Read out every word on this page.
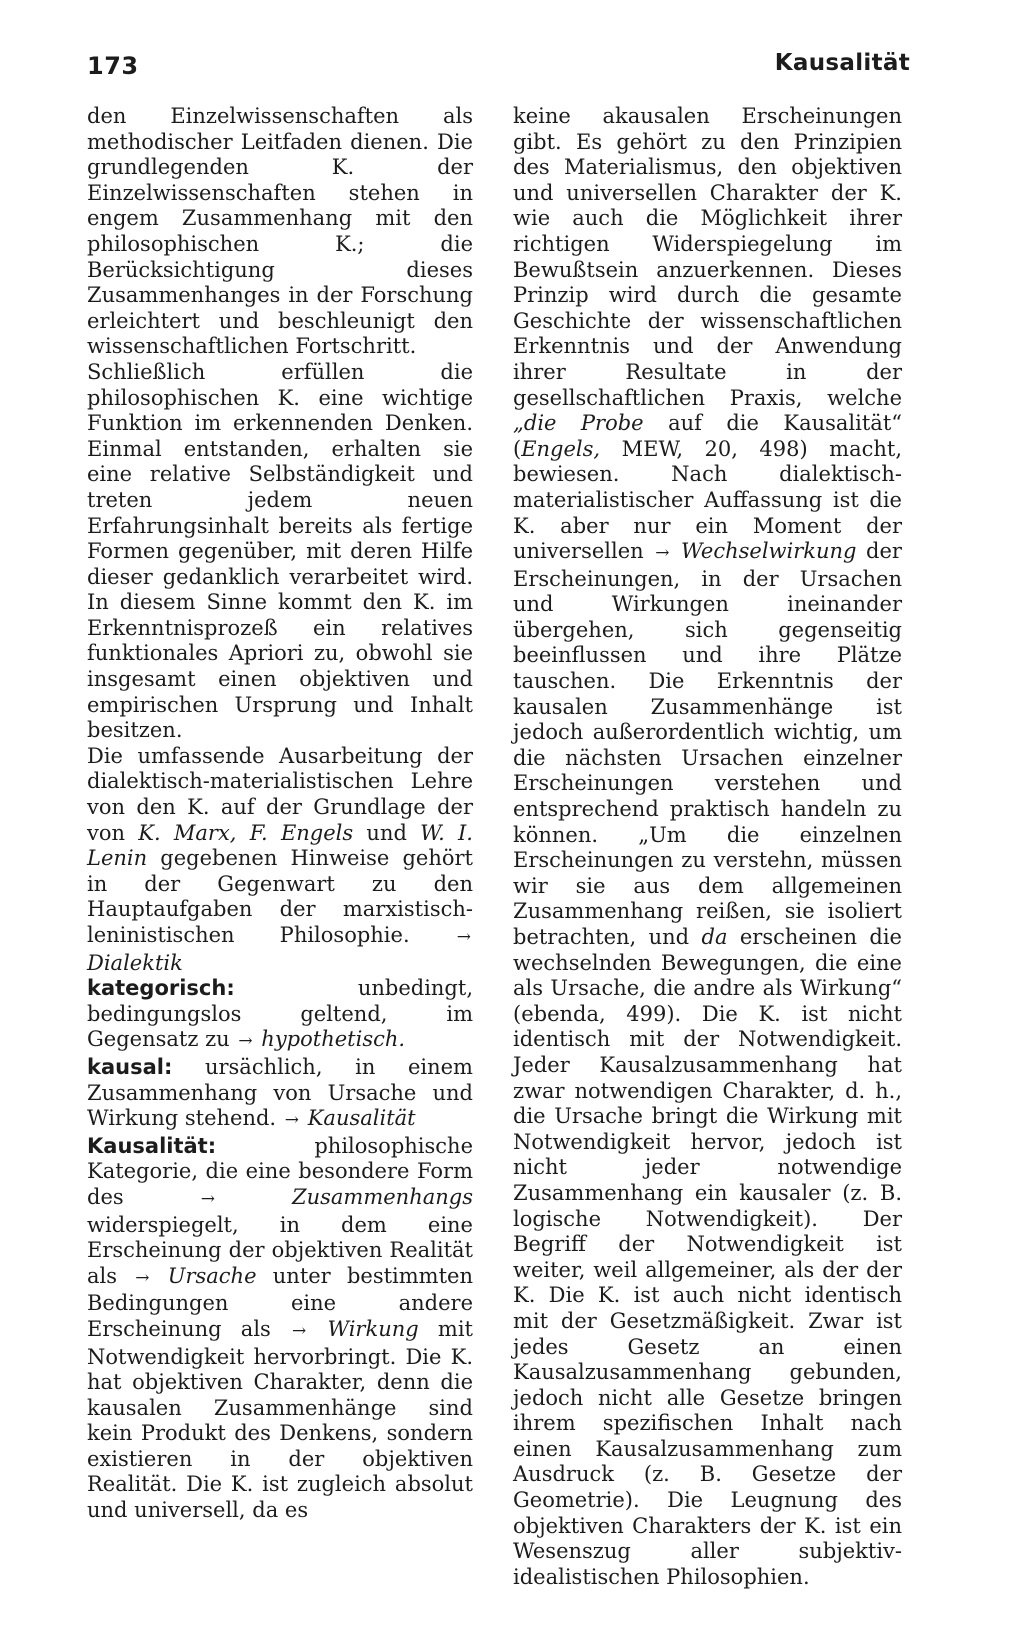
173	Kausalität

den Einzelwissenschaften als methodischer Leitfaden dienen. Die grundlegenden K. der Einzelwissenschaften stehen in engem Zusammenhang mit den philosophischen K.; die Berücksichtigung dieses Zusammenhanges in der Forschung erleichtert und beschleunigt den wissenschaftlichen Fortschritt.

Schließlich erfüllen die philosophischen K. eine wichtige Funktion im erkennenden Denken. Einmal entstanden, erhalten sie eine relative Selbständigkeit und treten jedem neuen Erfahrungsinhalt bereits als fertige Formen gegenüber, mit deren Hilfe dieser gedanklich verarbeitet wird. In diesem Sinne kommt den K. im Erkenntnisprozeß ein relatives funktionales Apriori zu, obwohl sie insgesamt einen objektiven und empirischen Ursprung und Inhalt besitzen.

Die umfassende Ausarbeitung der dialektisch-materialistischen Lehre von den K. auf der Grundlage der von K. Marx, F. Engels und W. I. Lenin gegebenen Hinweise gehört in der Gegenwart zu den Hauptaufgaben der marxistisch-leninistischen Philosophie.	→ Dialektik

kategorisch:	unbedingt, bedingungslos geltend, im Gegensatz zu → hypothetisch.

kausal: ursächlich, in einem Zusammenhang von Ursache und Wirkung stehend. → Kausalität

Kausalität:	philosophische Kategorie, die eine besondere Form des	→	Zusammenhangs widerspiegelt, in dem eine Erscheinung der objektiven Realität als → Ursache unter bestimmten Bedingungen eine andere Erscheinung als → Wirkung mit Notwendigkeit hervorbringt. Die K. hat objektiven Charakter, denn die kausalen Zusammenhänge sind kein Produkt des Denkens, sondern existieren in der objektiven Realität. Die K. ist zugleich absolut und universell, da es

keine akausalen Erscheinungen gibt. Es gehört zu den Prinzipien des Materialismus, den objektiven und universellen Charakter der K. wie auch die Möglichkeit ihrer richtigen Widerspiegelung im Bewußtsein anzuerkennen. Dieses Prinzip wird durch die gesamte Geschichte der wissenschaftlichen Erkenntnis und der Anwendung ihrer Resultate in der gesellschaftlichen Praxis, welche „die Probe auf die Kausalität“ (Engels, MEW, 20, 498) macht, bewiesen. Nach dialektisch-materialistischer Auffassung ist die K. aber nur ein Moment der universellen → Wechselwirkung der Erscheinungen, in der Ursachen und Wirkungen ineinander übergehen, sich gegenseitig beeinflussen und ihre Plätze tauschen. Die Erkenntnis der kausalen Zusammenhänge ist jedoch außerordentlich wichtig, um die nächsten Ursachen einzelner Erscheinungen verstehen und entsprechend praktisch handeln zu können. „Um die einzelnen Erscheinungen zu verstehn, müssen wir sie aus dem allgemeinen Zusammenhang reißen, sie isoliert betrachten, und da erscheinen die wechselnden Bewegungen, die eine als Ursache, die andre als Wirkung“ (ebenda, 499). Die K. ist nicht identisch mit der Notwendigkeit. Jeder Kausalzusammenhang hat zwar notwendigen Charakter, d. h., die Ursache bringt die Wirkung mit Notwendigkeit hervor, jedoch ist nicht jeder notwendige Zusammenhang ein kausaler (z. B. logische Notwendigkeit). Der Begriff der Notwendigkeit ist weiter, weil allgemeiner, als der der K. Die K. ist auch nicht identisch mit der Gesetzmäßigkeit. Zwar ist jedes Gesetz an einen Kausalzusammenhang gebunden, jedoch nicht alle Gesetze bringen ihrem spezifischen Inhalt nach einen Kausalzusammenhang zum Ausdruck (z. B. Gesetze der Geometrie). Die Leugnung des objektiven Charakters der K. ist ein Wesenszug aller subjektiv-idealistischen Philosophien.
